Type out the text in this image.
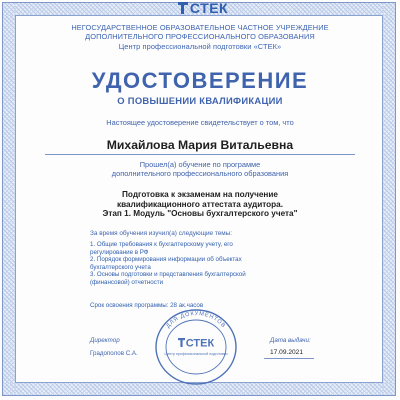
СТЕК
НЕГОСУДАРСТВЕННОЕ ОБРАЗОВАТЕЛЬНОЕ ЧАСТНОЕ УЧРЕЖДЕНИЕ
ДОПОЛНИТЕЛЬНОГО ПРОФЕССИОНАЛЬНОГО ОБРАЗОВАНИЯ
Центр профессиональной подготовки «СТЕК»
УДОСТОВЕРЕНИЕ
О ПОВЫШЕНИИ КВАЛИФИКАЦИИ
Настоящее удостоверение свидетельствует о том, что
Михайлова Мария Витальевна
Прошел(а) обучение по программе
дополнительного профессионального образования
Подготовка к экзаменам на получение
квалификационного аттестата аудитора.
Этап 1. Модуль "Основы бухгалтерского учета"
За время обучения изучил(а) следующие темы:
1. Общие требования к бухгалтерскому учету, его
регулирование в РФ
2. Порядок формирования информации об объектах
бухгалтерского учета
3. Основы подготовки и представления бухгалтерской
(финансовой) отчетности
Срок освоения программы: 28 ак.часов
ДЛЯ ДОКУМЕНТОВ
СТЕК
Центр профессиональной подготовки
Директор
Градополов С.А.
Дата выдачи:
17.09.2021
